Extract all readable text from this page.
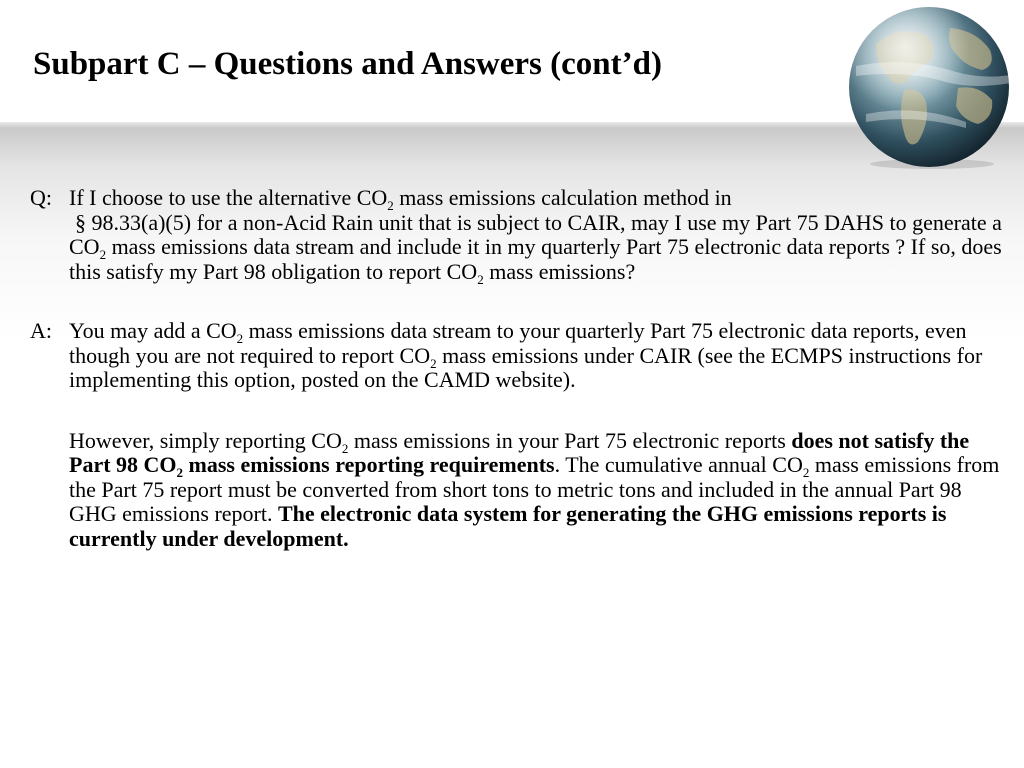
Subpart C – Questions and Answers (cont’d)

Q: If I choose to use the alternative $CO_2$ mass emissions calculation method in
§ 98.33(a)(5) for a non-Acid Rain unit that is subject to CAIR, may I use my Part 75 DAHS to generate a $CO_2$ mass emissions data stream and include it in my quarterly Part 75 electronic data reports ? If so, does this satisfy my Part 98 obligation to report $CO_2$ mass emissions?

A: You may add a $CO_2$ mass emissions data stream to your quarterly Part 75 electronic data reports, even though you are not required to report $CO_2$ mass emissions under CAIR (see the ECMPS instructions for implementing this option, posted on the CAMD website).

However, simply reporting $CO_2$ mass emissions in your Part 75 electronic reports does not satisfy the Part 98 $CO_2$ mass emissions reporting requirements. The cumulative annual $CO_2$ mass emissions from the Part 75 report must be converted from short tons to metric tons and included in the annual Part 98 GHG emissions report. The electronic data system for generating the GHG emissions reports is currently under development.
